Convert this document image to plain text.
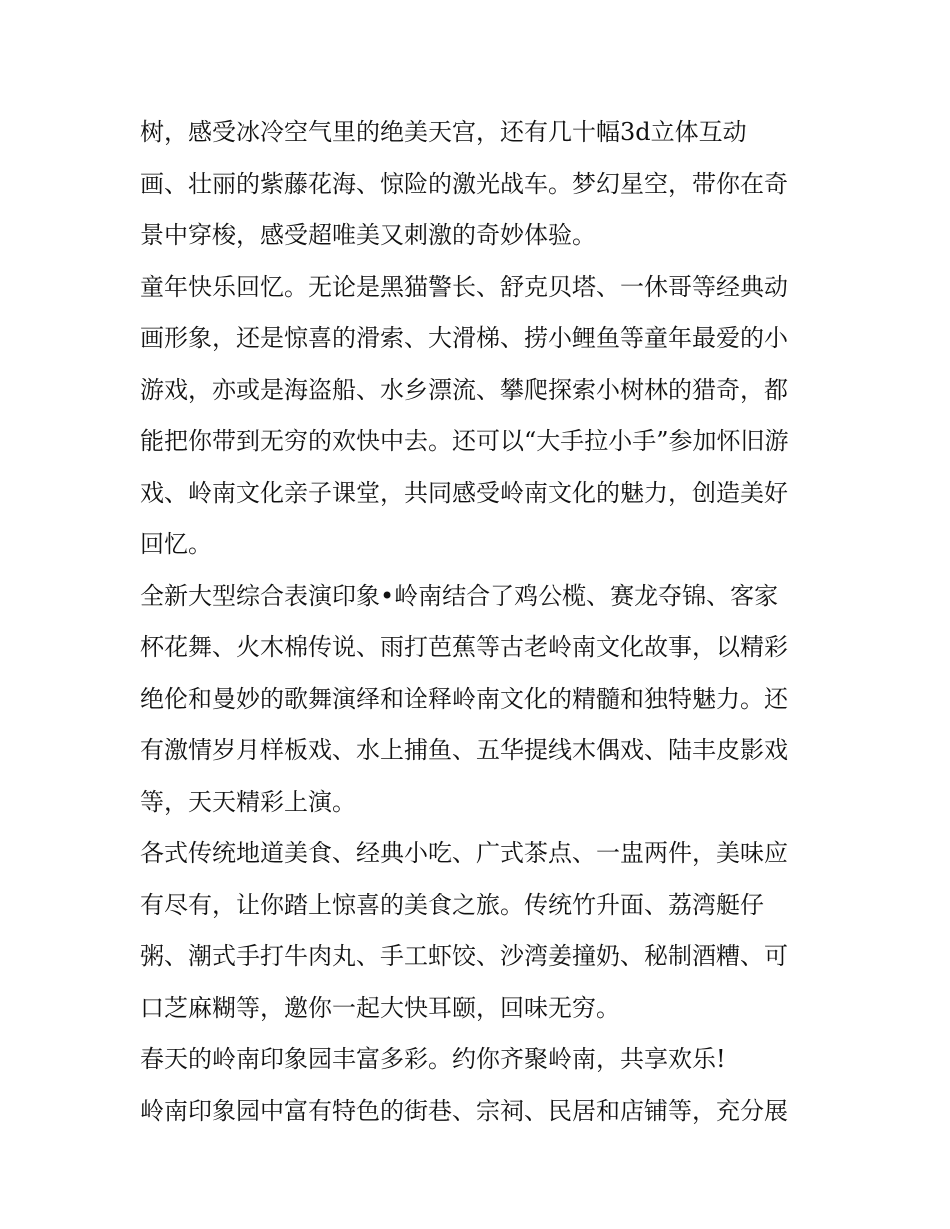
树，感受冰冷空气里的绝美天宫，还有几十幅3d立体互动
画、壮丽的紫藤花海、惊险的激光战车。梦幻星空，带你在奇
景中穿梭，感受超唯美又刺激的奇妙体验。

童年快乐回忆。无论是黑猫警长、舒克贝塔、一休哥等经典动
画形象，还是惊喜的滑索、大滑梯、捞小鲤鱼等童年最爱的小
游戏，亦或是海盗船、水乡漂流、攀爬探索小树林的猎奇，都
能把你带到无穷的欢快中去。还可以“大手拉小手”参加怀旧游
戏、岭南文化亲子课堂，共同感受岭南文化的魅力，创造美好
回忆。

全新大型综合表演印象•岭南结合了鸡公榄、赛龙夺锦、客家
杯花舞、火木棉传说、雨打芭蕉等古老岭南文化故事，以精彩
绝伦和曼妙的歌舞演绎和诠释岭南文化的精髓和独特魅力。还
有激情岁月样板戏、水上捕鱼、五华提线木偶戏、陆丰皮影戏
等，天天精彩上演。

各式传统地道美食、经典小吃、广式茶点、一盅两件，美味应
有尽有，让你踏上惊喜的美食之旅。传统竹升面、荔湾艇仔
粥、潮式手打牛肉丸、手工虾饺、沙湾姜撞奶、秘制酒糟、可
口芝麻糊等，邀你一起大快耳颐，回味无穷。

春天的岭南印象园丰富多彩。约你齐聚岭南，共享欢乐!

岭南印象园中富有特色的街巷、宗祠、民居和店铺等，充分展
